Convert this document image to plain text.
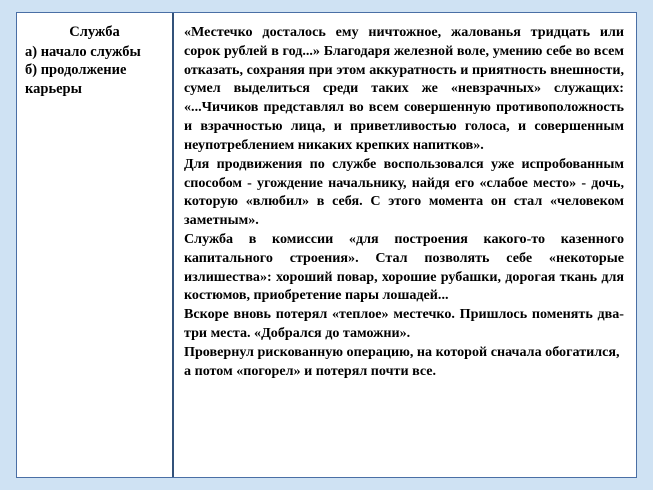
Служба

а) начало службы

б) продолжение карьеры

«Местечко досталось ему ничтожное, жалованья тридцать или сорок рублей в год...» Благодаря железной воле, умению себе во всем отказать, сохраняя при этом аккуратность и приятность внешности, сумел выделиться среди таких же «невзрачных» служащих: «...Чичиков представлял во всем совершенную противоположность и взрачностью лица, и приветливостью голоса, и совершенным неупотреблением никаких крепких напитков».

Для продвижения по службе воспользовался уже испробованным способом - угождение начальнику, найдя его «слабое место» - дочь, которую «влюбил» в себя. С этого момента он стал «человеком заметным».

Служба в комиссии «для построения какого-то казенного капитального строения». Стал позволять себе «некоторые излишества»: хороший повар, хорошие рубашки, дорогая ткань для костюмов, приобретение пары лошадей...

Вскоре вновь потерял «теплое» местечко. Пришлось поменять два- три места. «Добрался до таможни».

Провернул рискованную операцию, на которой сначала обогатился, а потом «погорел» и потерял почти все.
